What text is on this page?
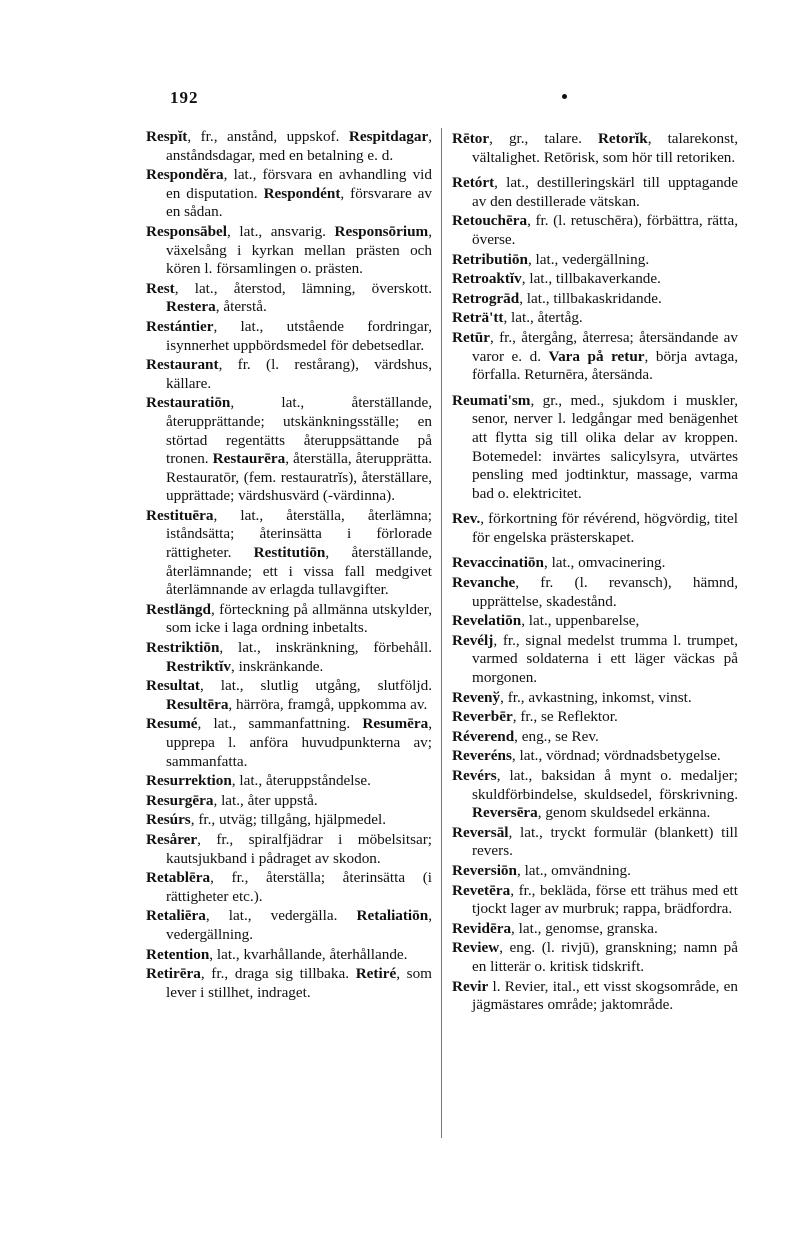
192
Respĭt, fr., anstånd, uppskof. Respitdagar, anståndsdagar, med en betalning e. d.
Responděra, lat., försvara en avhandling vid en disputation. Respondént, försvarare av en sådan.
Responsābel, lat., ansvarig. Responsōrium, växelsång i kyrkan mellan prästen och kören l. församlingen o. prästen.
Rest, lat., återstod, lämning, överskott. Restera, återstå.
Restántier, lat., utstående fordringar, isynnerhet uppbördsmedel för debetsedlar.
Restaurant, fr. (l. restårang), värdshus, källare.
Restauratiōn, lat., återställande, återupprättande; utskänkningsställe; en störtad regentätts återuppsättande på tronen. Restaurēra, återställa, återupprätta. Restauratōr, (fem. restauratrĭs), återställare, upprättade; värdshusvärd (-värdinna).
Restituēra, lat., återställa, återlämna; iståndsätta; återinsätta i förlorade rättigheter. Restitutiōn, återställande, återlämnande; ett i vissa fall medgivet återlämnande av erlagda tullavgifter.
Restlängd, förteckning på allmänna utskylder, som icke i laga ordning inbetalts.
Restriktiōn, lat., inskränkning, förbehåll. Restriktĭv, inskränkande.
Resultat, lat., slutlig utgång, slutföljd. Resultēra, härröra, framgå, uppkomma av.
Resumé, lat., sammanfattning. Resumēra, upprepa l. anföra huvudpunkterna av; sammanfatta.
Resurrektion, lat., återuppståndelse.
Resurgēra, lat., åter uppstå.
Resúrs, fr., utväg; tillgång, hjälpmedel.
Resårer, fr., spiralfjädrar i möbelsitsar; kautsjukband i pådraget av skodon.
Retablēra, fr., återställa; återinsätta (i rättigheter etc.).
Retaliēra, lat., vedergälla. Retaliatiōn, vedergällning.
Retention, lat., kvarhållande, återhållande.
Retirēra, fr., draga sig tillbaka. Retiré, som lever i stillhet, indraget.
Rētor, gr., talare. Retorĭk, talarekonst, vältalighet. Retōrisk, som hör till retoriken.
Retórt, lat., destilleringskärl till upptagande av den destillerade vätskan.
Retouchēra, fr. (l. retuschēra), förbättra, rätta, överse.
Retributiōn, lat., vedergällning.
Retroaktĭv, lat., tillbakaverkande.
Retrogrād, lat., tillbakaskridande.
Reträ'tt, lat., återtåg.
Retūr, fr., återgång, återresa; återsändande av varor e. d. Vara på retur, börja avtaga, förfalla. Returnēra, återsända.
Reumati'sm, gr., med., sjukdom i muskler, senor, nerver l. ledgångar med benägenhet att flytta sig till olika delar av kroppen. Botemedel: invärtes salicylsyra, utvärtes pensling med jodtinktur, massage, varma bad o. elektricitet.
Rev., förkortning för révérend, högvördig, titel för engelska prästerskapet.
Revaccinatiōn, lat., omvacinering.
Revanche, fr. (l. revansch), hämnd, upprättelse, skadestånd.
Revelatiōn, lat., uppenbarelse,
Revélj, fr., signal medelst trumma l. trumpet, varmed soldaterna i ett läger väckas på morgonen.
Revenў, fr., avkastning, inkomst, vinst.
Reverbēr, fr., se Reflektor.
Réverend, eng., se Rev.
Reveréns, lat., vördnad; vördnadsbetygelse.
Revérs, lat., baksidan å mynt o. medaljer; skuldförbindelse, skuldsedel, förskrivning. Reversēra, genom skuldsedel erkänna.
Reversāl, lat., tryckt formulär (blankett) till revers.
Reversiōn, lat., omvändning.
Revetēra, fr., bekläda, förse ett trähus med ett tjockt lager av murbruk; rappa, brädfordra.
Revidēra, lat., genomse, granska.
Review, eng. (l. rivjū), granskning; namn på en litterär o. kritisk tidskrift.
Revir l. Revier, ital., ett visst skogsområde, en jägmästares område; jaktområde.
